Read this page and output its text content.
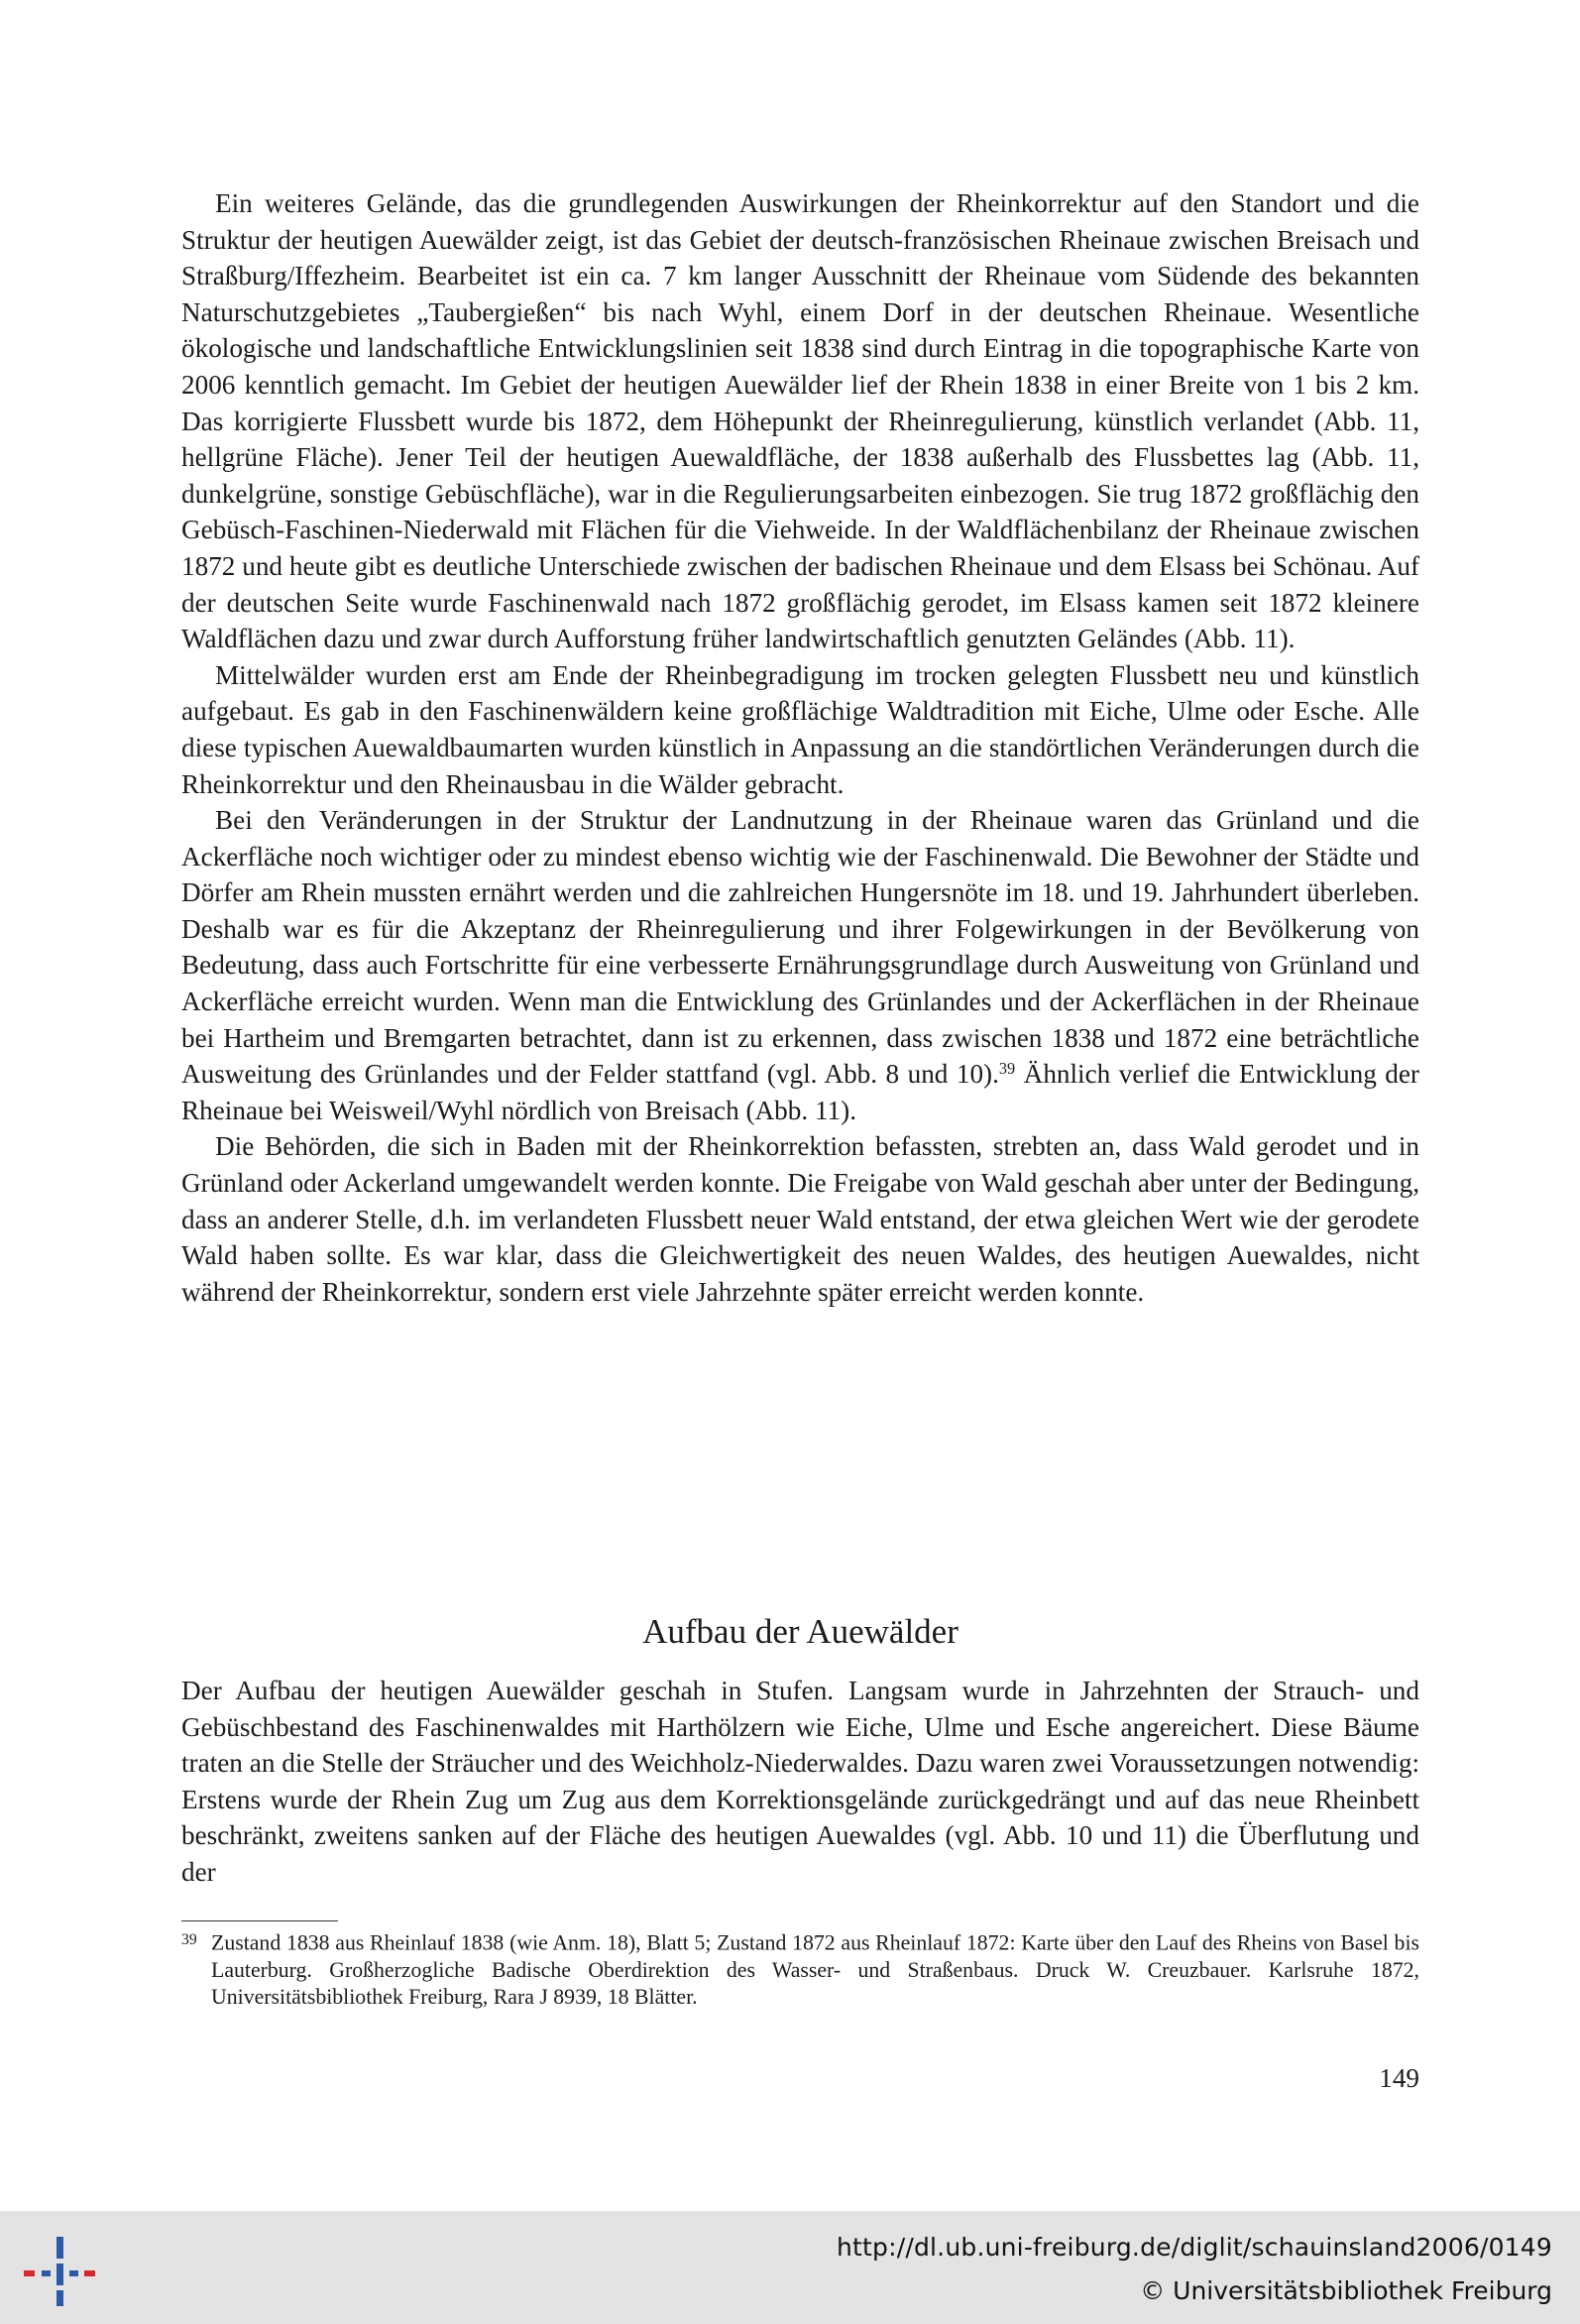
Ein weiteres Gelände, das die grundlegenden Auswirkungen der Rheinkorrektur auf den Standort und die Struktur der heutigen Auewälder zeigt, ist das Gebiet der deutsch-französischen Rheinaue zwischen Breisach und Straßburg/Iffezheim. Bearbeitet ist ein ca. 7 km langer Ausschnitt der Rheinaue vom Südende des bekannten Naturschutzgebietes „Taubergießen“ bis nach Wyhl, einem Dorf in der deutschen Rheinaue. Wesentliche ökologische und landschaftliche Entwicklungslinien seit 1838 sind durch Eintrag in die topographische Karte von 2006 kenntlich gemacht. Im Gebiet der heutigen Auewälder lief der Rhein 1838 in einer Breite von 1 bis 2 km. Das korrigierte Flussbett wurde bis 1872, dem Höhepunkt der Rheinregulierung, künstlich verlandet (Abb. 11, hellgrüne Fläche). Jener Teil der heutigen Auewaldfläche, der 1838 außerhalb des Flussbettes lag (Abb. 11, dunkelgrüne, sonstige Gebüschfläche), war in die Regulierungsarbeiten einbezogen. Sie trug 1872 großflächig den Gebüsch-Faschinen-Niederwald mit Flächen für die Viehweide. In der Waldflächenbilanz der Rheinaue zwischen 1872 und heute gibt es deutliche Unterschiede zwischen der badischen Rheinaue und dem Elsass bei Schönau. Auf der deutschen Seite wurde Faschinenwald nach 1872 großflächig gerodet, im Elsass kamen seit 1872 kleinere Waldflächen dazu und zwar durch Aufforstung früher landwirtschaftlich genutzten Geländes (Abb. 11).

Mittelwälder wurden erst am Ende der Rheinbegradigung im trocken gelegten Flussbett neu und künstlich aufgebaut. Es gab in den Faschinenwäldern keine großflächige Waldtradition mit Eiche, Ulme oder Esche. Alle diese typischen Auewaldbaumarten wurden künstlich in Anpassung an die standörtlichen Veränderungen durch die Rheinkorrektur und den Rheinausbau in die Wälder gebracht.

Bei den Veränderungen in der Struktur der Landnutzung in der Rheinaue waren das Grünland und die Ackerfläche noch wichtiger oder zu mindest ebenso wichtig wie der Faschinenwald. Die Bewohner der Städte und Dörfer am Rhein mussten ernährt werden und die zahlreichen Hungersnöte im 18. und 19. Jahrhundert überleben. Deshalb war es für die Akzeptanz der Rheinregulierung und ihrer Folgewirkungen in der Bevölkerung von Bedeutung, dass auch Fortschritte für eine verbesserte Ernährungsgrundlage durch Ausweitung von Grünland und Ackerfläche erreicht wurden. Wenn man die Entwicklung des Grünlandes und der Ackerflächen in der Rheinaue bei Hartheim und Bremgarten betrachtet, dann ist zu erkennen, dass zwischen 1838 und 1872 eine beträchtliche Ausweitung des Grünlandes und der Felder stattfand (vgl. Abb. 8 und 10).$^{39}$ Ähnlich verlief die Entwicklung der Rheinaue bei Weisweil/Wyhl nördlich von Breisach (Abb. 11).

Die Behörden, die sich in Baden mit der Rheinkorrektion befassten, strebten an, dass Wald gerodet und in Grünland oder Ackerland umgewandelt werden konnte. Die Freigabe von Wald geschah aber unter der Bedingung, dass an anderer Stelle, d.h. im verlandeten Flussbett neuer Wald entstand, der etwa gleichen Wert wie der gerodete Wald haben sollte. Es war klar, dass die Gleichwertigkeit des neuen Waldes, des heutigen Auewaldes, nicht während der Rheinkorrektur, sondern erst viele Jahrzehnte später erreicht werden konnte.

Aufbau der Auewälder

Der Aufbau der heutigen Auewälder geschah in Stufen. Langsam wurde in Jahrzehnten der Strauch- und Gebüschbestand des Faschinenwaldes mit Harthölzern wie Eiche, Ulme und Esche angereichert. Diese Bäume traten an die Stelle der Sträucher und des Weichholz-Niederwaldes. Dazu waren zwei Voraussetzungen notwendig: Erstens wurde der Rhein Zug um Zug aus dem Korrektionsgelände zurückgedrängt und auf das neue Rheinbett beschränkt, zweitens sanken auf der Fläche des heutigen Auewaldes (vgl. Abb. 10 und 11) die Überflutung und der

39 Zustand 1838 aus Rheinlauf 1838 (wie Anm. 18), Blatt 5; Zustand 1872 aus Rheinlauf 1872: Karte über den Lauf des Rheins von Basel bis Lauterburg. Großherzogliche Badische Oberdirektion des Wasser- und Straßenbaus. Druck W. Creuzbauer. Karlsruhe 1872, Universitätsbibliothek Freiburg, Rara J 8939, 18 Blätter.

149
http://dl.ub.uni-freiburg.de/diglit/schauinsland2006/0149
© Universitätsbibliothek Freiburg
